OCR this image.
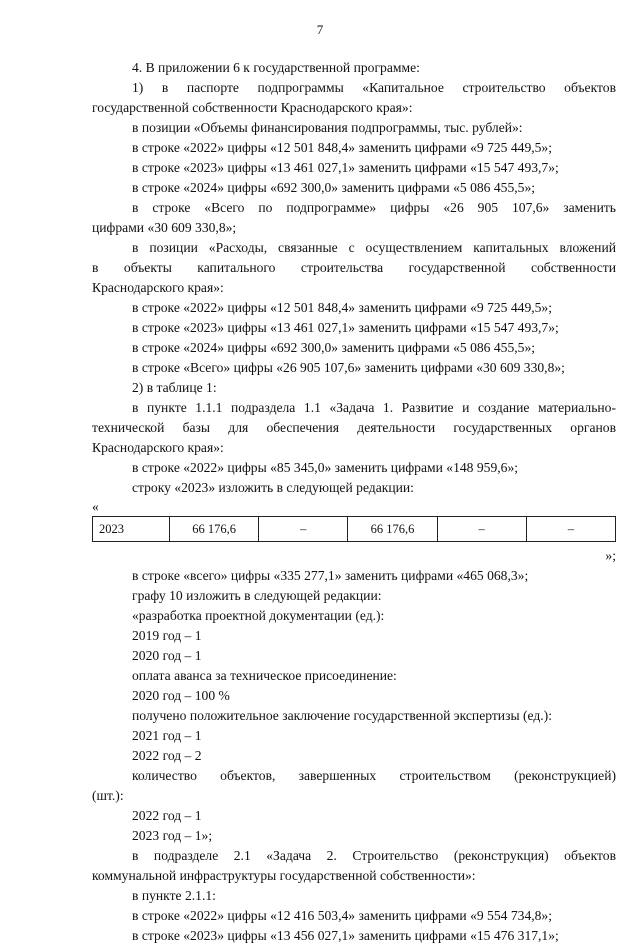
7

4. В приложении 6 к государственной программе:

1) в паспорте подпрограммы «Капитальное строительство объектов

государственной собственности Краснодарского края»:

в позиции «Объемы финансирования подпрограммы, тыс. рублей»:

в строке «2022» цифры «12 501 848,4» заменить цифрами «9 725 449,5»;

в строке «2023» цифры «13 461 027,1» заменить цифрами «15 547 493,7»;

в строке «2024» цифры «692 300,0» заменить цифрами «5 086 455,5»;

в строке «Всего по подпрограмме» цифры «26 905 107,6» заменить

цифрами «30 609 330,8»;

в позиции «Расходы, связанные с осуществлением капитальных вложений

в объекты капитального строительства государственной собственности

Краснодарского края»:

в строке «2022» цифры «12 501 848,4» заменить цифрами «9 725 449,5»;

в строке «2023» цифры «13 461 027,1» заменить цифрами «15 547 493,7»;

в строке «2024» цифры «692 300,0» заменить цифрами «5 086 455,5»;

в строке «Всего» цифры «26 905 107,6» заменить цифрами «30 609 330,8»;

2) в таблице 1:

в пункте 1.1.1 подраздела 1.1 «Задача 1. Развитие и создание материально-

технической базы для обеспечения деятельности государственных органов

Краснодарского края»:

в строке «2022» цифры «85 345,0» заменить цифрами «148 959,6»;

строку «2023» изложить в следующей редакции:

«

2023	66 176,6	–	66 176,6	–	–

»;

в строке «всего» цифры «335 277,1» заменить цифрами «465 068,3»;

графу 10 изложить в следующей редакции:

«разработка проектной документации (ед.):

2019 год – 1

2020 год – 1

оплата аванса за техническое присоединение:

2020 год – 100 %

получено положительное заключение государственной экспертизы (ед.):

2021 год – 1

2022 год – 2

количество объектов, завершенных строительством (реконструкцией)

(шт.):

2022 год – 1

2023 год – 1»;

в подразделе 2.1 «Задача 2. Строительство (реконструкция) объектов

коммунальной инфраструктуры государственной собственности»:

в пункте 2.1.1:

в строке «2022» цифры «12 416 503,4» заменить цифрами «9 554 734,8»;

в строке «2023» цифры «13 456 027,1» заменить цифрами «15 476 317,1»;
